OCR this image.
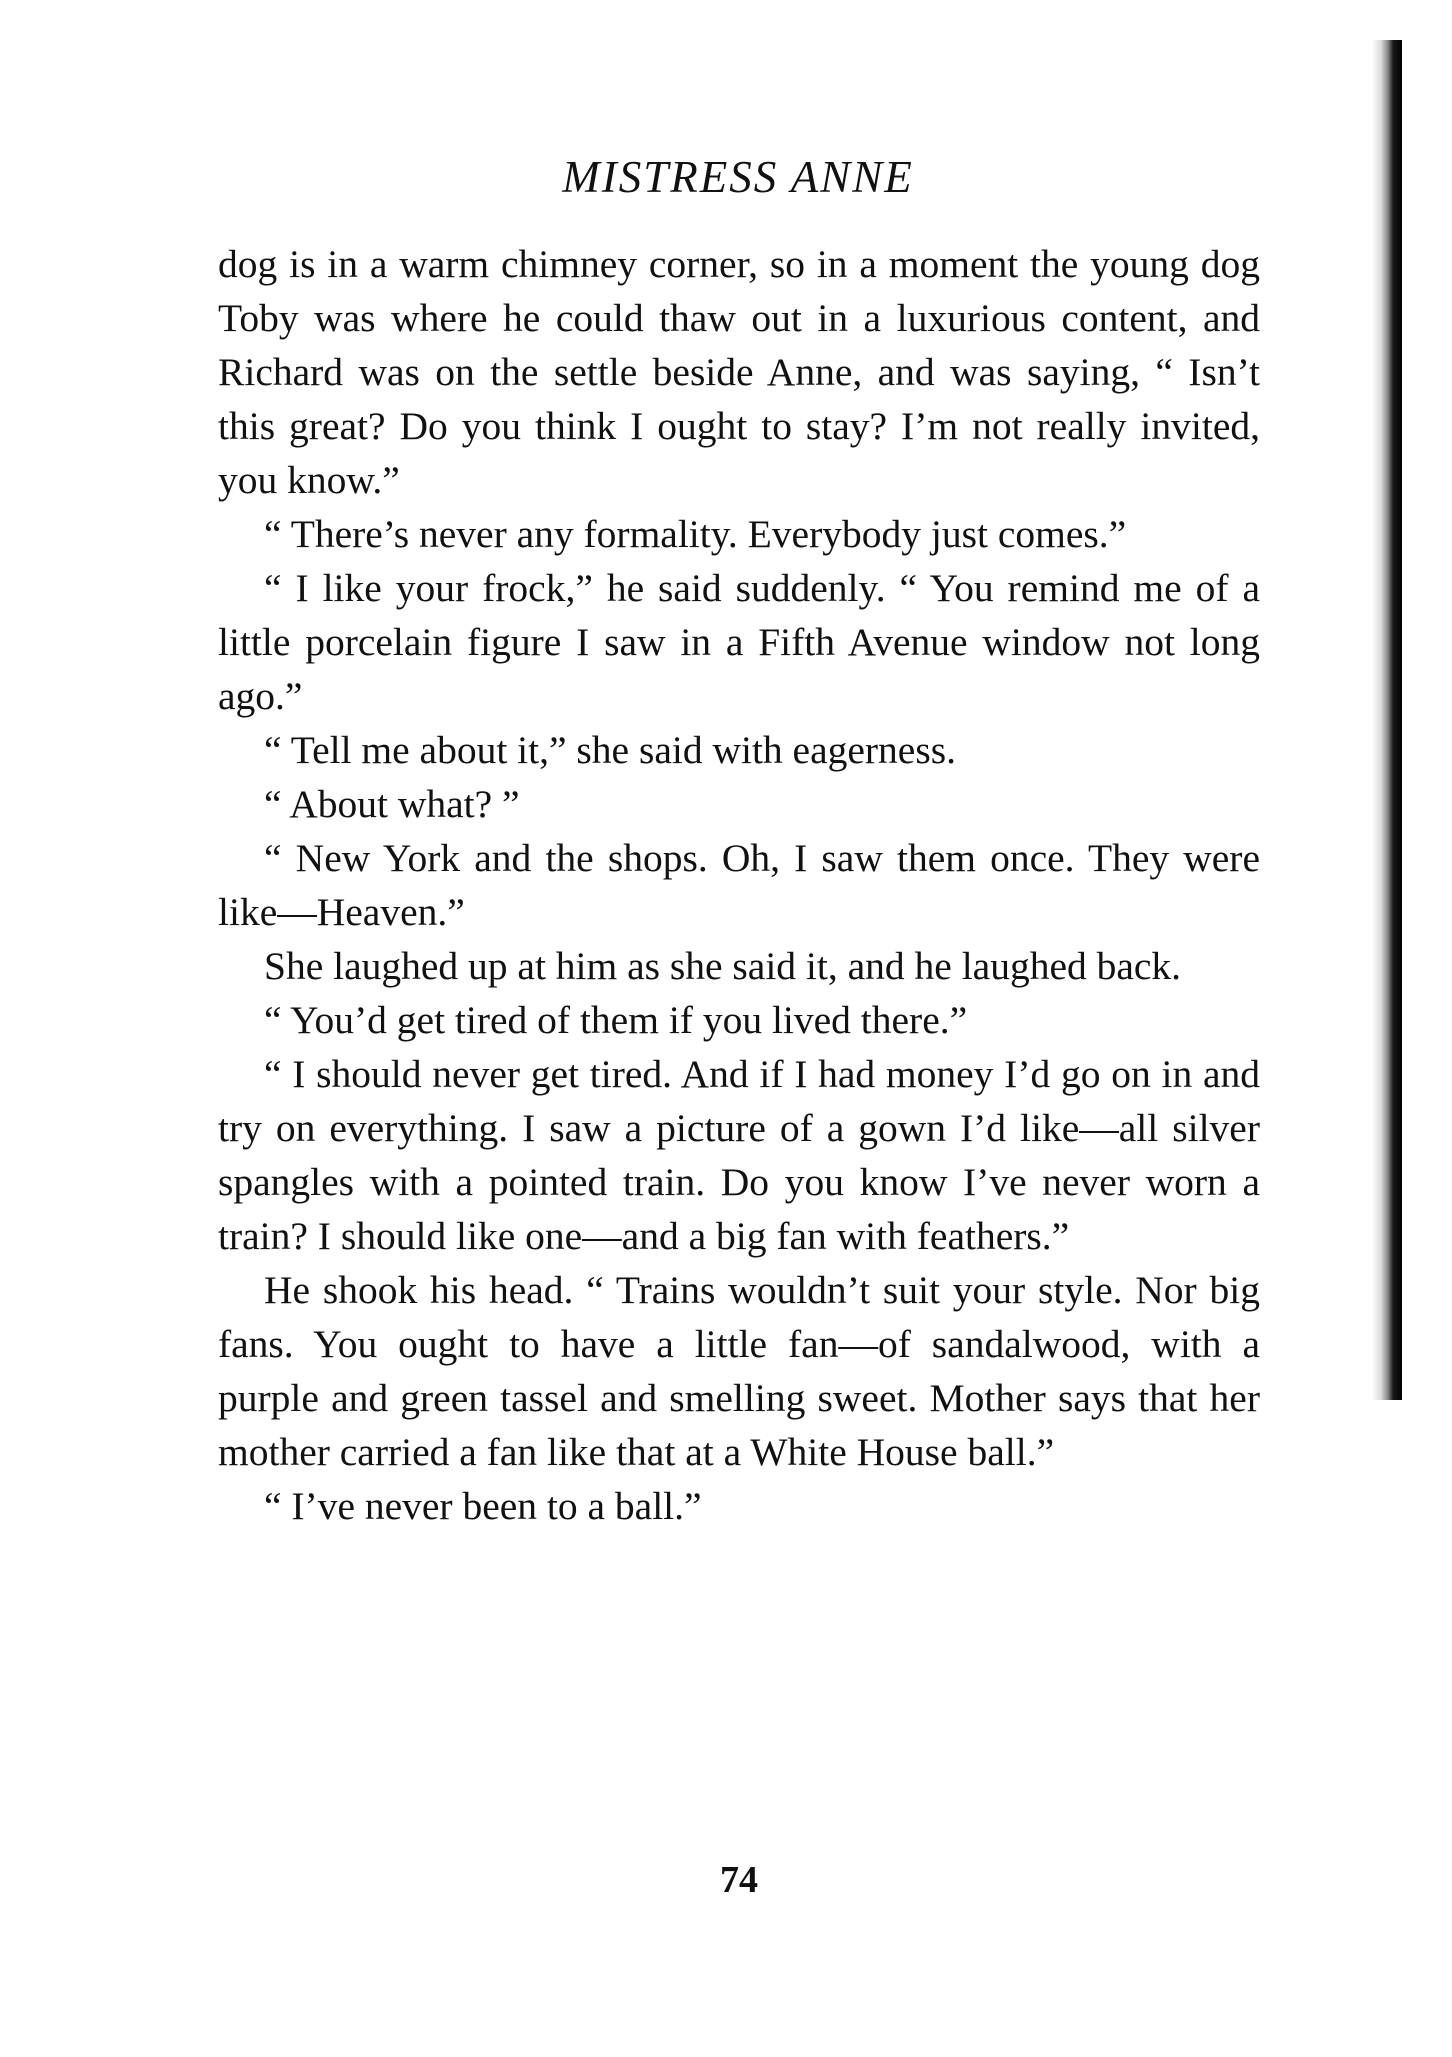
MISTRESS ANNE

dog is in a warm chimney corner, so in a moment the young dog Toby was where he could thaw out in a luxurious content, and Richard was on the settle beside Anne, and was saying, “ Isn’t this great? Do you think I ought to stay? I’m not really invited, you know.”

“ There’s never any formality. Everybody just comes.”

“ I like your frock,” he said suddenly. “ You remind me of a little porcelain figure I saw in a Fifth Avenue window not long ago.”

“ Tell me about it,” she said with eagerness.

“ About what? ”

“ New York and the shops. Oh, I saw them once. They were like—Heaven.”

She laughed up at him as she said it, and he laughed back.

“ You’d get tired of them if you lived there.”

“ I should never get tired. And if I had money I’d go on in and try on everything. I saw a picture of a gown I’d like—all silver spangles with a pointed train. Do you know I’ve never worn a train? I should like one—and a big fan with feathers.”

He shook his head. “ Trains wouldn’t suit your style. Nor big fans. You ought to have a little fan—of sandalwood, with a purple and green tassel and smelling sweet. Mother says that her mother carried a fan like that at a White House ball.”

“ I’ve never been to a ball.”

74
